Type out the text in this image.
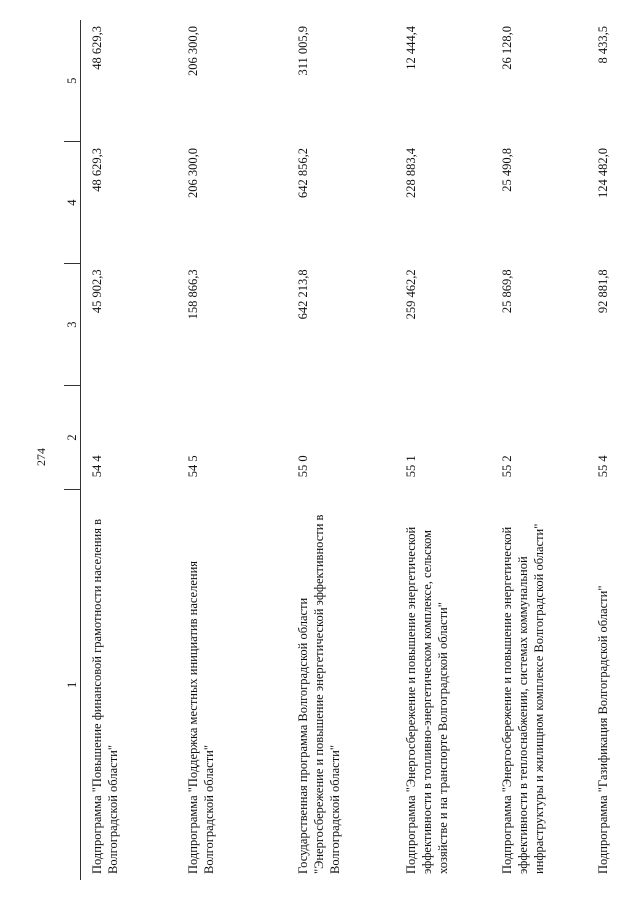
274
1	2	3	4	5
Подпрограмма "Повышение финансовой грамотности населения в Волгоградской области"	54 4	45 902,3	48 629,3	48 629,3
Подпрограмма "Поддержка местных инициатив населения Волгоградской области"	54 5	158 866,3	206 300,0	206 300,0
Государственная программа Волгоградской области "Энергосбережение и повышение энергетической эффективности в Волгоградской области"	55 0	642 213,8	642 856,2	311 005,9
Подпрограмма "Энергосбережение и повышение энергетической эффективности в топливно-энергетическом комплексе, сельском хозяйстве и на транспорте Волгоградской области"	55 1	259 462,2	228 883,4	12 444,4
Подпрограмма "Энергосбережение и повышение энергетической эффективности в теплоснабжении, системах коммунальной инфраструктуры и жилищном комплексе Волгоградской области"	55 2	25 869,8	25 490,8	26 128,0
Подпрограмма "Газификация Волгоградской области"	55 4	92 881,8	124 482,0	8 433,5
